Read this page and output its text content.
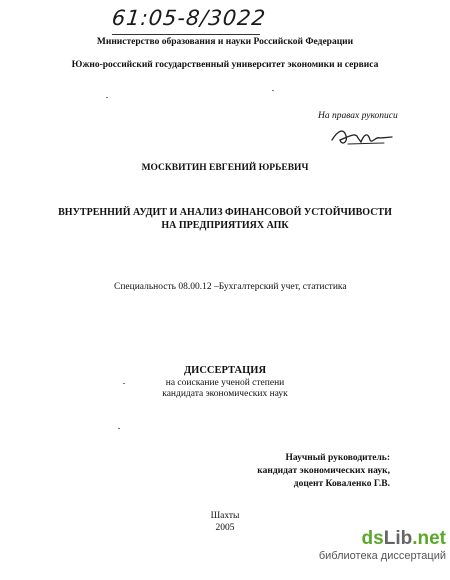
61:05-8/3022
Министерство образования и науки Российской Федерации
Южно-российский государственный университет экономики и сервиса
На правах рукописи
МОСКВИТИН ЕВГЕНИЙ ЮРЬЕВИЧ
ВНУТРЕННИЙ АУДИТ И АНАЛИЗ ФИНАНСОВОЙ УСТОЙЧИВОСТИ
НА ПРЕДПРИЯТИЯХ АПК
Специальность 08.00.12 –Бухгалтерский учет, статистика
ДИССЕРТАЦИЯ
на соискание ученой степени
кандидата экономических наук
Научный руководитель:
кандидат экономических наук,
доцент Коваленко Г.В.
Шахты
2005	dsLib.net
библиотека диссертаций
